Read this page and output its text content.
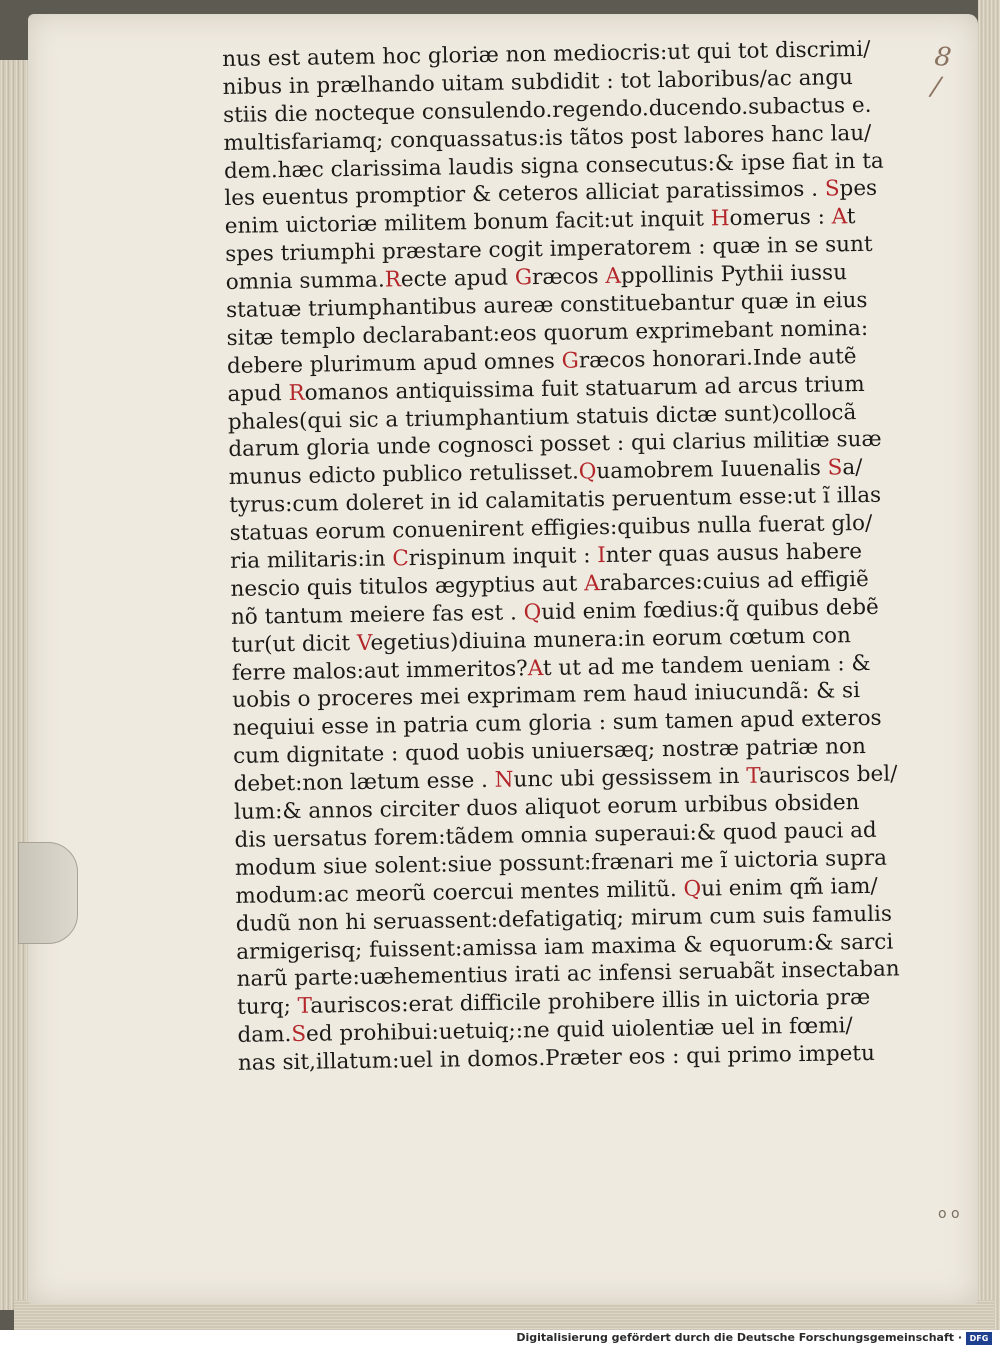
8 /
o o
nus est autem hoc gloriæ non mediocris:ut qui tot discrimi/
nibus in prælhando uitam subdidit : tot laboribus/ac angu
stiis die nocteque consulendo.regendo.ducendo.subactus e.
multisfariamq; conquassatus:is tãtos post labores hanc lau/
dem.hæc clarissima laudis signa consecutus:& ipse fiat in ta
les euentus promptior & ceteros alliciat paratissimos . Spes
enim uictoriæ militem bonum facit:ut inquit Homerus : At
spes triumphi præstare cogit imperatorem : quæ in se sunt
omnia summa.Recte apud Græcos Appollinis Pythii iussu
statuæ triumphantibus aureæ constituebantur quæ in eius
sitæ templo declarabant:eos quorum exprimebant nomina:
debere plurimum apud omnes Græcos honorari.Inde autẽ
apud Romanos antiquissima fuit statuarum ad arcus trium
phales(qui sic a triumphantium statuis dictæ sunt)collocã
darum gloria unde cognosci posset : qui clarius militiæ suæ
munus edicto publico retulisset.Quamobrem Iuuenalis Sa/
tyrus:cum doleret in id calamitatis peruentum esse:ut ĩ illas
statuas eorum conuenirent effigies:quibus nulla fuerat glo/
ria militaris:in Crispinum inquit : Inter quas ausus habere
nescio quis titulos ægyptius aut Arabarces:cuius ad effigiẽ
nõ tantum meiere fas est . Quid enim fœdius:q̃ quibus debẽ
tur(ut dicit Vegetius)diuina munera:in eorum cœtum con
ferre malos:aut immeritos?At ut ad me tandem ueniam : &
uobis o proceres mei exprimam rem haud iniucundã: & si
nequiui esse in patria cum gloria : sum tamen apud exteros
cum dignitate : quod uobis uniuersæq; nostræ patriæ non
debet:non lætum esse . Nunc ubi gessissem in Tauriscos bel/
lum:& annos circiter duos aliquot eorum urbibus obsiden
dis uersatus forem:tãdem omnia superaui:& quod pauci ad
modum siue solent:siue possunt:frænari me ĩ uictoria supra
modum:ac meorũ coercui mentes militũ. Qui enim qm̃ iam/
dudũ non hi seruassent:defatigatiq; mirum cum suis famulis
armigerisq; fuissent:amissa iam maxima & equorum:& sarci
narũ parte:uæhementius irati ac infensi seruabãt insectaban
turq; Tauriscos:erat difficile prohibere illis in uictoria præ
dam.Sed prohibui:uetuiq;:ne quid uiolentiæ uel in fœmi/
nas sit,illatum:uel in domos.Præter eos : qui primo impetu
Digitalisierung gefördert durch die Deutsche Forschungsgemeinschaft · DFG
